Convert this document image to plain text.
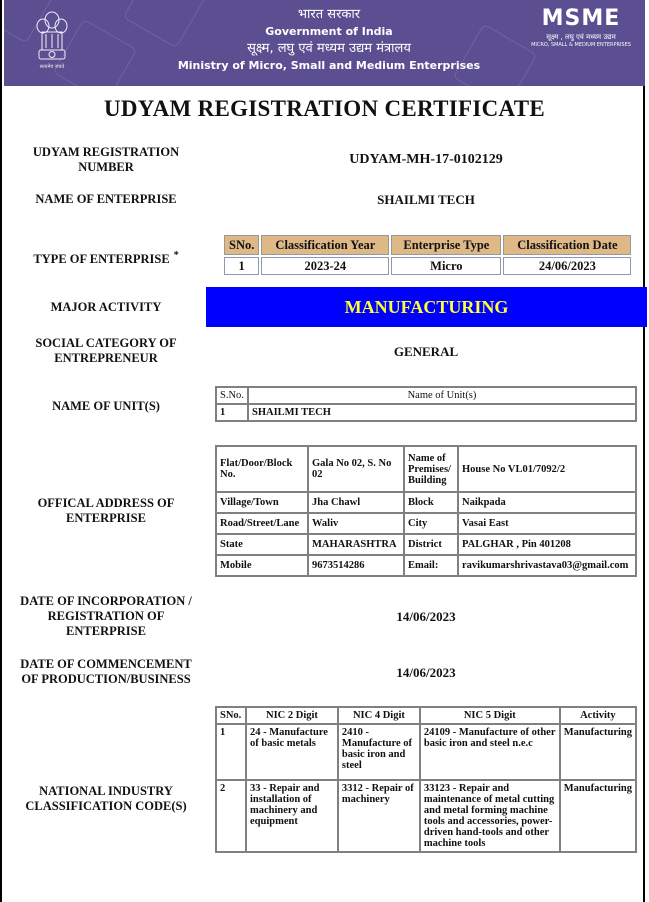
सत्यमेव जयते
भारत सरकार
Government of India
सूक्ष्म, लघु एवं मध्यम उद्यम मंत्रालय
Ministry of Micro, Small and Medium Enterprises
MSME
सूक्ष्म , लघु एवं मध्यम उद्यम
MICRO, SMALL & MEDIUM ENTERPRISES
UDYAM REGISTRATION CERTIFICATE
UDYAM REGISTRATION NUMBER	UDYAM-MH-17-0102129
NAME OF ENTERPRISE	SHAILMI TECH
TYPE OF ENTERPRISE *
SNo.	Classification Year	Enterprise Type	Classification Date
1	2023-24	Micro	24/06/2023
MAJOR ACTIVITY	MANUFACTURING
SOCIAL CATEGORY OF ENTREPRENEUR	GENERAL
NAME OF UNIT(S)
S.No.	Name of Unit(s)
1	SHAILMI TECH
OFFICAL ADDRESS OF ENTERPRISE
Flat/Door/Block No.	Gala No 02, S. No 02	Name of Premises/ Building	House No VL01/7092/2
Village/Town	Jha Chawl	Block	Naikpada
Road/Street/Lane	Waliv	City	Vasai East
State	MAHARASHTRA	District	PALGHAR , Pin 401208
Mobile	9673514286	Email:	ravikumarshrivastava03@gmail.com
DATE OF INCORPORATION / REGISTRATION OF ENTERPRISE
14/06/2023
DATE OF COMMENCEMENT OF PRODUCTION/BUSINESS	14/06/2023
NATIONAL INDUSTRY CLASSIFICATION CODE(S)
SNo.	NIC 2 Digit	NIC 4 Digit	NIC 5 Digit	Activity
1	24 - Manufacture of basic metals	2410 - Manufacture of basic iron and steel	24109 - Manufacture of other basic iron and steel n.e.c	Manufacturing
2	33 - Repair and installation of machinery and equipment	3312 - Repair of machinery	33123 - Repair and maintenance of metal cutting and metal forming machine tools and accessories, power-driven hand-tools and other machine tools	Manufacturing
